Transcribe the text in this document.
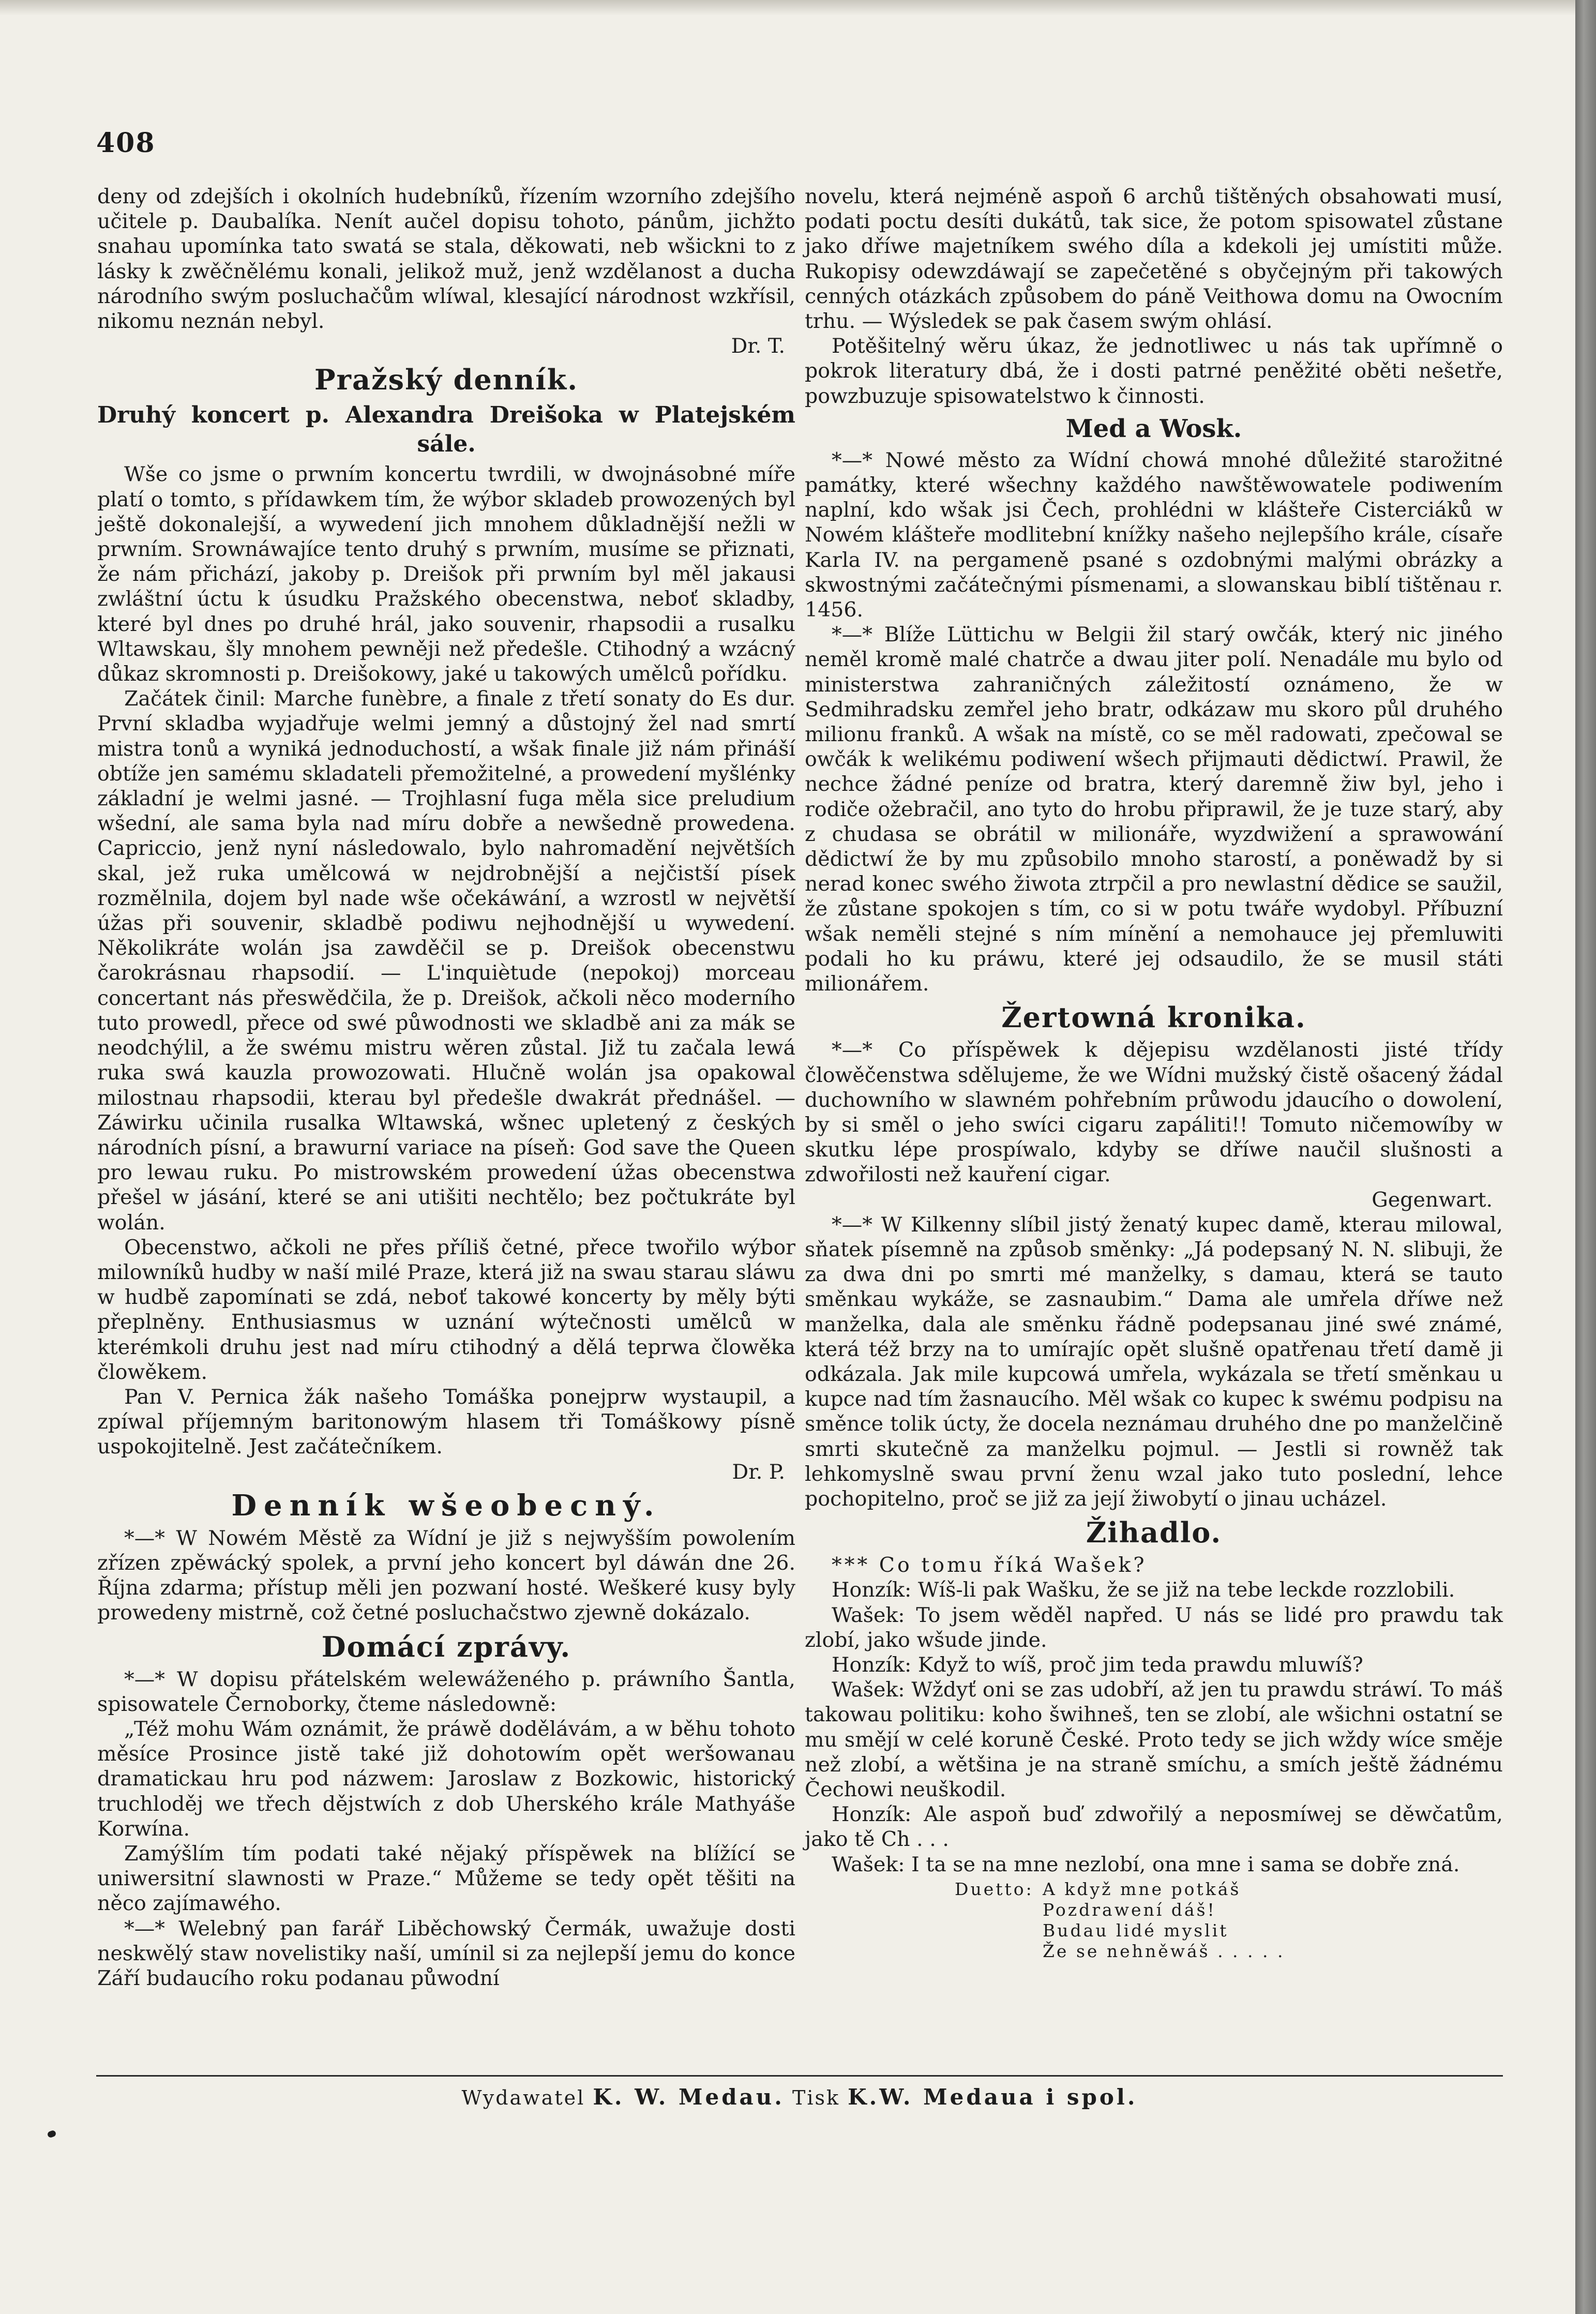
408

deny od zdejších i okolních hudebníků, řízením wzorního zdejšího učitele p. Daubalíka. Nenít aučel dopisu tohoto, pánům, jichžto snahau upomínka tato swatá se stala, děkowati, neb wšickni to z lásky k zwěčnělému konali, jelikož muž, jenž wzdělanost a ducha národního swým posluchačům wlíwal, klesající národnost wzkřísil, nikomu neznán nebyl.

Dr. T.

Pražský denník.
Druhý koncert p. Alexandra Dreišoka w Platejském sále.

Wše co jsme o prwním koncertu twrdili, w dwojnásobné míře platí o tomto, s přídawkem tím, že wýbor skladeb prowozených byl ještě dokonalejší, a wywedení jich mnohem důkladnější nežli w prwním. Srownáwajíce tento druhý s prwním, musíme se přiznati, že nám přichází, jakoby p. Dreišok při prwním byl měl jakausi zwláštní úctu k úsudku Pražského obecenstwa, neboť skladby, které byl dnes po druhé hrál, jako souvenir, rhapsodii a rusalku Wltawskau, šly mnohem pewněji než předešle. Ctihodný a wzácný důkaz skromnosti p. Dreišokowy, jaké u takowých umělců pořídku.

Začátek činil: Marche funèbre, a finale z třetí sonaty do Es dur. První skladba wyjadřuje welmi jemný a důstojný žel nad smrtí mistra tonů a wyniká jednoduchostí, a wšak finale již nám přináší obtíže jen samému skladateli přemožitelné, a prowedení myšlénky základní je welmi jasné. — Trojhlasní fuga měla sice preludium wšední, ale sama byla nad míru dobře a newšedně prowedena. Capriccio, jenž nyní následowalo, bylo nahromadění největších skal, jež ruka umělcowá w nejdrobnější a nejčistší písek rozmělnila, dojem byl nade wše očekáwání, a wzrostl w největší úžas při souvenir, skladbě podiwu nejhodnější u wywedení. Několikráte wolán jsa zawděčil se p. Dreišok obecenstwu čarokrásnau rhapsodií. — L'inquiètude (nepokoj) morceau concertant nás přeswědčila, že p. Dreišok, ačkoli něco moderního tuto prowedl, přece od swé půwodnosti we skladbě ani za mák se neodchýlil, a že swému mistru wěren zůstal. Již tu začala lewá ruka swá kauzla prowozowati. Hlučně wolán jsa opakowal milostnau rhapsodii, kterau byl předešle dwakrát přednášel. — Záwirku učinila rusalka Wltawská, wšnec upletený z českých národních písní, a brawurní variace na píseň: God save the Queen pro lewau ruku. Po mistrowském prowedení úžas obecenstwa přešel w jásání, které se ani utišiti nechtělo; bez počtukráte byl wolán.

Obecenstwo, ačkoli ne přes příliš četné, přece twořilo wýbor milowníků hudby w naší milé Praze, která již na swau starau sláwu w hudbě zapomínati se zdá, neboť takowé koncerty by měly býti přeplněny. Enthusiasmus w uznání wýtečnosti umělců w kterémkoli druhu jest nad míru ctihodný a dělá teprwa člowěka člowěkem.

Pan V. Pernica žák našeho Tomáška ponejprw wystaupil, a zpíwal příjemným baritonowým hlasem tři Tomáškowy písně uspokojitelně. Jest začátečníkem.

Dr. P.

Denník wšeobecný.

*—* W Nowém Městě za Wídní je již s nejwyšším powolením zřízen zpěwácký spolek, a první jeho koncert byl dáwán dne 26. Října zdarma; přístup měli jen pozwaní hosté. Weškeré kusy byly prowedeny mistrně, což četné posluchačstwo zjewně dokázalo.

Domácí zprávy.

*—* W dopisu přátelském welewáženého p. práwního Šantla, spisowatele Černoborky, čteme následowně:

„Též mohu Wám oznámit, že práwě dodělávám, a w běhu tohoto měsíce Prosince jistě také již dohotowím opět weršowanau dramatickau hru pod názwem: Jaroslaw z Bozkowic, historický truchloděj we třech dějstwích z dob Uherského krále Mathyáše Korwína.

Zamýšlím tím podati také nějaký příspěwek na blížící se uniwersitní slawnosti w Praze.“ Můžeme se tedy opět těšiti na něco zajímawého.

*—* Welebný pan farář Liběchowský Čermák, uwažuje dosti neskwělý staw novelistiky naší, umínil si za nejlepší jemu do konce Září budaucího roku podanau půwodní

novelu, která nejméně aspoň 6 archů tištěných obsahowati musí, podati poctu desíti dukátů, tak sice, že potom spisowatel zůstane jako dříwe majetníkem swého díla a kdekoli jej umístiti může. Rukopisy odewzdáwají se zapečetěné s obyčejným při takowých cenných otázkách způsobem do páně Veithowa domu na Owocním trhu. — Wýsledek se pak časem swým ohlásí.

Potěšitelný wěru úkaz, že jednotliwec u nás tak upřímně o pokrok literatury dbá, že i dosti patrné peněžité oběti nešetře, powzbuzuje spisowatelstwo k činnosti.

Med a Wosk.

*—* Nowé město za Wídní chowá mnohé důležité starožitné památky, které wšechny každého nawštěwowatele podiwením naplní, kdo wšak jsi Čech, prohlédni w klášteře Cisterciáků w Nowém klášteře modlitební knížky našeho nejlepšího krále, císaře Karla IV. na pergameně psané s ozdobnými malými obrázky a skwostnými začátečnými písmenami, a slowanskau biblí tištěnau r. 1456.

*—* Blíže Lüttichu w Belgii žil starý owčák, který nic jiného neměl kromě malé chatrče a dwau jiter polí. Nenadále mu bylo od ministerstwa zahraničných záležitostí oznámeno, že w Sedmihradsku zemřel jeho bratr, odkázaw mu skoro půl druhého milionu franků. A wšak na místě, co se měl radowati, zpečowal se owčák k welikému podiwení wšech přijmauti dědictwí. Prawil, že nechce žádné peníze od bratra, který daremně žiw byl, jeho i rodiče ožebračil, ano tyto do hrobu připrawil, že je tuze starý, aby z chudasa se obrátil w milionáře, wyzdwižení a sprawowání dědictwí že by mu způsobilo mnoho starostí, a poněwadž by si nerad konec swého žiwota ztrpčil a pro newlastní dědice se saužil, že zůstane spokojen s tím, co si w potu twáře wydobyl. Příbuzní wšak neměli stejné s ním mínění a nemohauce jej přemluwiti podali ho ku práwu, které jej odsaudilo, že se musil státi milionářem.

Žertowná kronika.

*—* Co příspěwek k dějepisu wzdělanosti jisté třídy člowěčenstwa sdělujeme, že we Wídni mužský čistě ošacený žádal duchowního w slawném pohřebním průwodu jdaucího o dowolení, by si směl o jeho swíci cigaru zapáliti!! Tomuto ničemowíby w skutku lépe prospíwalo, kdyby se dříwe naučil slušnosti a zdwořilosti než kauření cigar.

Gegenwart.

*—* W Kilkenny slíbil jistý ženatý kupec damě, kterau milowal, sňatek písemně na způsob směnky: „Já podepsaný N. N. slibuji, že za dwa dni po smrti mé manželky, s damau, která se tauto směnkau wykáže, se zasnaubim.“ Dama ale umřela dříwe než manželka, dala ale směnku řádně podepsanau jiné swé známé, která též brzy na to umírajíc opět slušně opatřenau třetí damě ji odkázala. Jak mile kupcowá umřela, wykázala se třetí směnkau u kupce nad tím žasnaucího. Měl wšak co kupec k swému podpisu na směnce tolik úcty, že docela neznámau druhého dne po manželčině smrti skutečně za manželku pojmul. — Jestli si rowněž tak lehkomyslně swau první ženu wzal jako tuto poslední, lehce pochopitelno, proč se již za její žiwobytí o jinau ucházel.

Žihadlo.

*** Co tomu říká Wašek?

Honzík: Wíš-li pak Wašku, že se již na tebe leckde rozzlobili.

Wašek: To jsem wěděl napřed. U nás se lidé pro prawdu tak zlobí, jako wšude jinde.

Honzík: Když to wíš, proč jim teda prawdu mluwíš?

Wašek: Wždyť oni se zas udobří, až jen tu prawdu stráwí. To máš takowau politiku: koho šwihneš, ten se zlobí, ale wšichni ostatní se mu smějí w celé koruně České. Proto tedy se jich wždy wíce směje než zlobí, a wětšina je na straně smíchu, a smích ještě žádnému Čechowi neuškodil.

Honzík: Ale aspoň buď zdwořilý a neposmíwej se děwčatům, jako tě Ch . . .

Wašek: I ta se na mne nezlobí, ona mne i sama se dobře zná.

Duetto: A když mne potkáš
Pozdrawení dáš!
Budau lidé myslit
Že se nehněwáš . . . . .
Wydawatel K. W. Medau. Tisk K.W. Medaua i spol.
